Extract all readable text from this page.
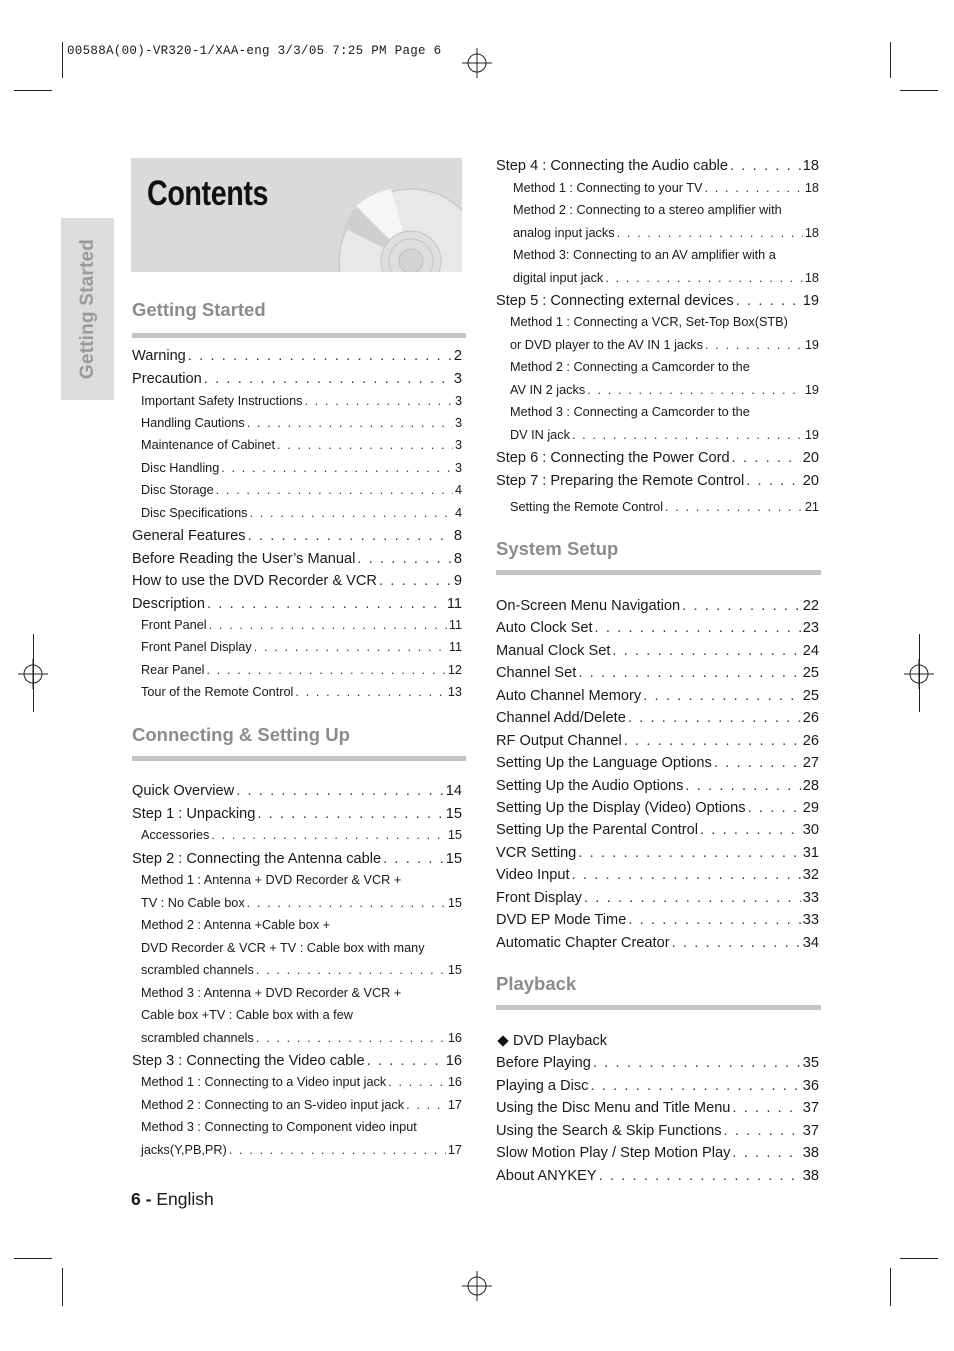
00588A(00)-VR320-1/XAA-eng 3/3/05 7:25 PM Page 6
Getting Started
Contents
Warning . . .	2
Precaution . . .	3
Important Safety Instructions . . .	3
Handling Cautions . . .	3
Maintenance of Cabinet . . .	3
Disc Handling . . .	3
Disc Storage . . .	4
Disc Specifications . . .	4
General Features . . .	8
Before Reading the User’s Manual . . .	8
How to use the DVD Recorder & VCR . . .	9
Description . . .	11
Front Panel . . .	11
Front Panel Display . . .	11
Rear Panel . . .	12
Tour of the Remote Control . . .	13
Quick Overview . . .	14
Step 1 : Unpacking . . .	15
Accessories . . .	15
Step 2 : Connecting the Antenna cable . . .	15
Method 1 : Antenna + DVD Recorder & VCR +
TV : No Cable box . . .	15
Method 2 : Antenna +Cable box +
DVD Recorder & VCR + TV : Cable box with many
scrambled channels . . .	15
Method 3 : Antenna + DVD Recorder & VCR +
Cable box +TV : Cable box with a few
scrambled channels . . .	16
Step 3 : Connecting the Video cable . . .	16
Method 1 : Connecting to a Video input jack . . .	16
Method 2 : Connecting to an S-video input jack . . .	17
Method 3 : Connecting to Component video input
jacks(Y,PB,PR) . . .	17
Step 4 : Connecting the Audio cable . . .	18
Method 1 : Connecting to your TV . . .	18
Method 2 : Connecting to a stereo amplifier with
analog input jacks . . .	18
Method 3: Connecting to an AV amplifier with a
digital input jack . . .	18
Step 5 : Connecting external devices . . .	19
Method 1 : Connecting a VCR, Set-Top Box(STB)
or DVD player to the AV IN 1 jacks . . .	19
Method 2 : Connecting a Camcorder to the
AV IN 2 jacks . . .	19
Method 3 : Connecting a Camcorder to the
DV IN jack . . .	19
Step 6 : Connecting the Power Cord . . .	20
Step 7 : Preparing the Remote Control . . .	20
Setting the Remote Control . . .	21
On-Screen Menu Navigation . . .	22
Auto Clock Set . . .	23
Manual Clock Set . . .	24
Channel Set . . .	25
Auto Channel Memory . . .	25
Channel Add/Delete . . .	26
RF Output Channel . . .	26
Setting Up the Language Options . . .	27
Setting Up the Audio Options . . .	28
Setting Up the Display (Video) Options . . .	29
Setting Up the Parental Control . . .	30
VCR Setting . . .	31
Video Input . . .	32
Front Display . . .	33
DVD EP Mode Time . . .	33
Automatic Chapter Creator . . .	34
DVD Playback
Before Playing . . .	35
Playing a Disc . . .	36
Using the Disc Menu and Title Menu . . .	37
Using the Search & Skip Functions . . .	37
Slow Motion Play / Step Motion Play . . .	38
About ANYKEY . . .	38
6 - English
Getting Started
Connecting & Setting Up
System Setup
Playback
